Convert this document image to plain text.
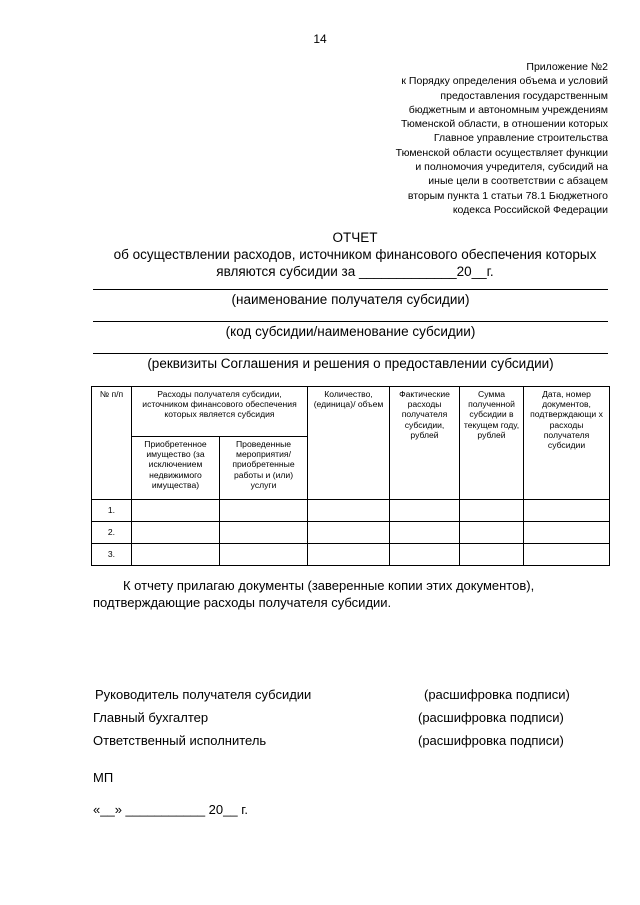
14
Приложение №2
к Порядку определения объема и условий
предоставления государственным
бюджетным и автономным учреждениям
Тюменской области, в отношении которых
Главное управление строительства
Тюменской области осуществляет функции
и полномочия учредителя, субсидий на
иные цели в соответствии с абзацем
вторым пункта 1 статьи 78.1 Бюджетного
кодекса Российской Федерации
ОТЧЕТ
об осуществлении расходов, источником финансового обеспечения которых
являются субсидии за _____________20__г.
(наименование получателя субсидии)
(код субсидии/наименование субсидии)
(реквизиты Соглашения и решения о предоставлении субсидии)
№ п/п	Расходы получателя субсидии, источником финансового обеспечения которых является субсидия		Количество, (единица)/ объем	Фактические расходы получателя субсидии, рублей	Сумма полученной субсидии в текущем году, рублей	Дата, номер документов, подтверждающи х расходы получателя субсидии
	Приобретенное имущество (за исключением недвижимого имущества)	Проведенные мероприятия/ приобретенные работы и (или) услуги				
1.						
2.						
3.						
К отчету прилагаю документы (заверенные копии этих документов),
подтверждающие расходы получателя субсидии.
Руководитель получателя субсидии	(расшифровка подписи)
Главный бухгалтер	(расшифровка подписи)
Ответственный исполнитель	(расшифровка подписи)
МП
«__» ___________ 20__ г.
